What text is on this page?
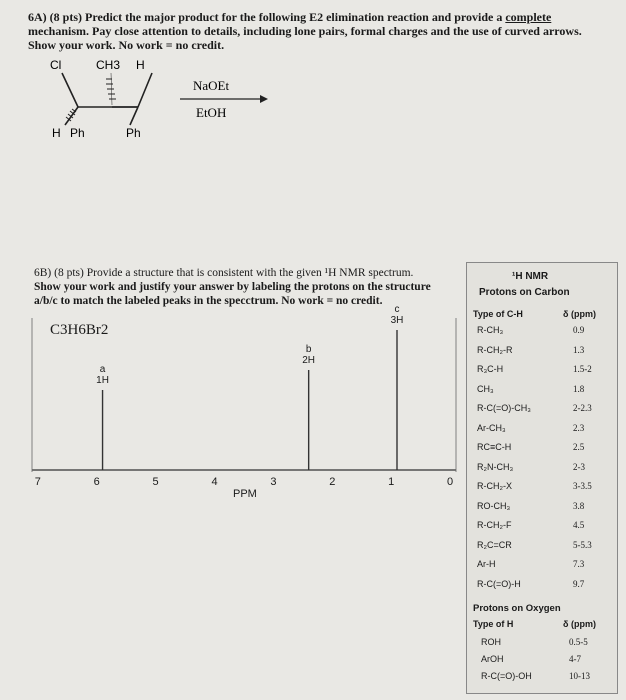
6A) (8 pts) Predict the major product for the following E2 elimination reaction and provide a complete mechanism. Pay close attention to details, including lone pairs, formal charges and the use of curved arrows. Show your work. No work = no credit.
Cl	CH3 H
H Ph	Ph
NaOEt
EtOH
6B) (8 pts) Provide a structure that is consistent with the given ¹H NMR spectrum.
Show your work and justify your answer by labeling the protons on the structure
a/b/c to match the labeled peaks in the specctrum. No work = no credit.
C3H6Br2
7	6	5	4	3	2	1	0
a
1H
b
2H
c
3H
PPM
¹H NMR
Protons on Carbon
Type of C-H	δ (ppm)
R-CH₃	0.9
R-CH₂-R	1.3
R₃C-H	1.5-2
CH₃	1.8
R-C(=O)-CH₃	2-2.3
Ar-CH₃	2.3
RC≡C-H	2.5
R₂N-CH₃	2-3
R-CH₂-X	3-3.5
RO-CH₃	3.8
R-CH₂-F	4.5
R₂C=CR	5-5.3
Ar-H	7.3
R-C(=O)-H	9.7
Protons on Oxygen
Type of H	δ (ppm)
ROH	0.5-5
ArOH	4-7
R-C(=O)-OH	10-13
